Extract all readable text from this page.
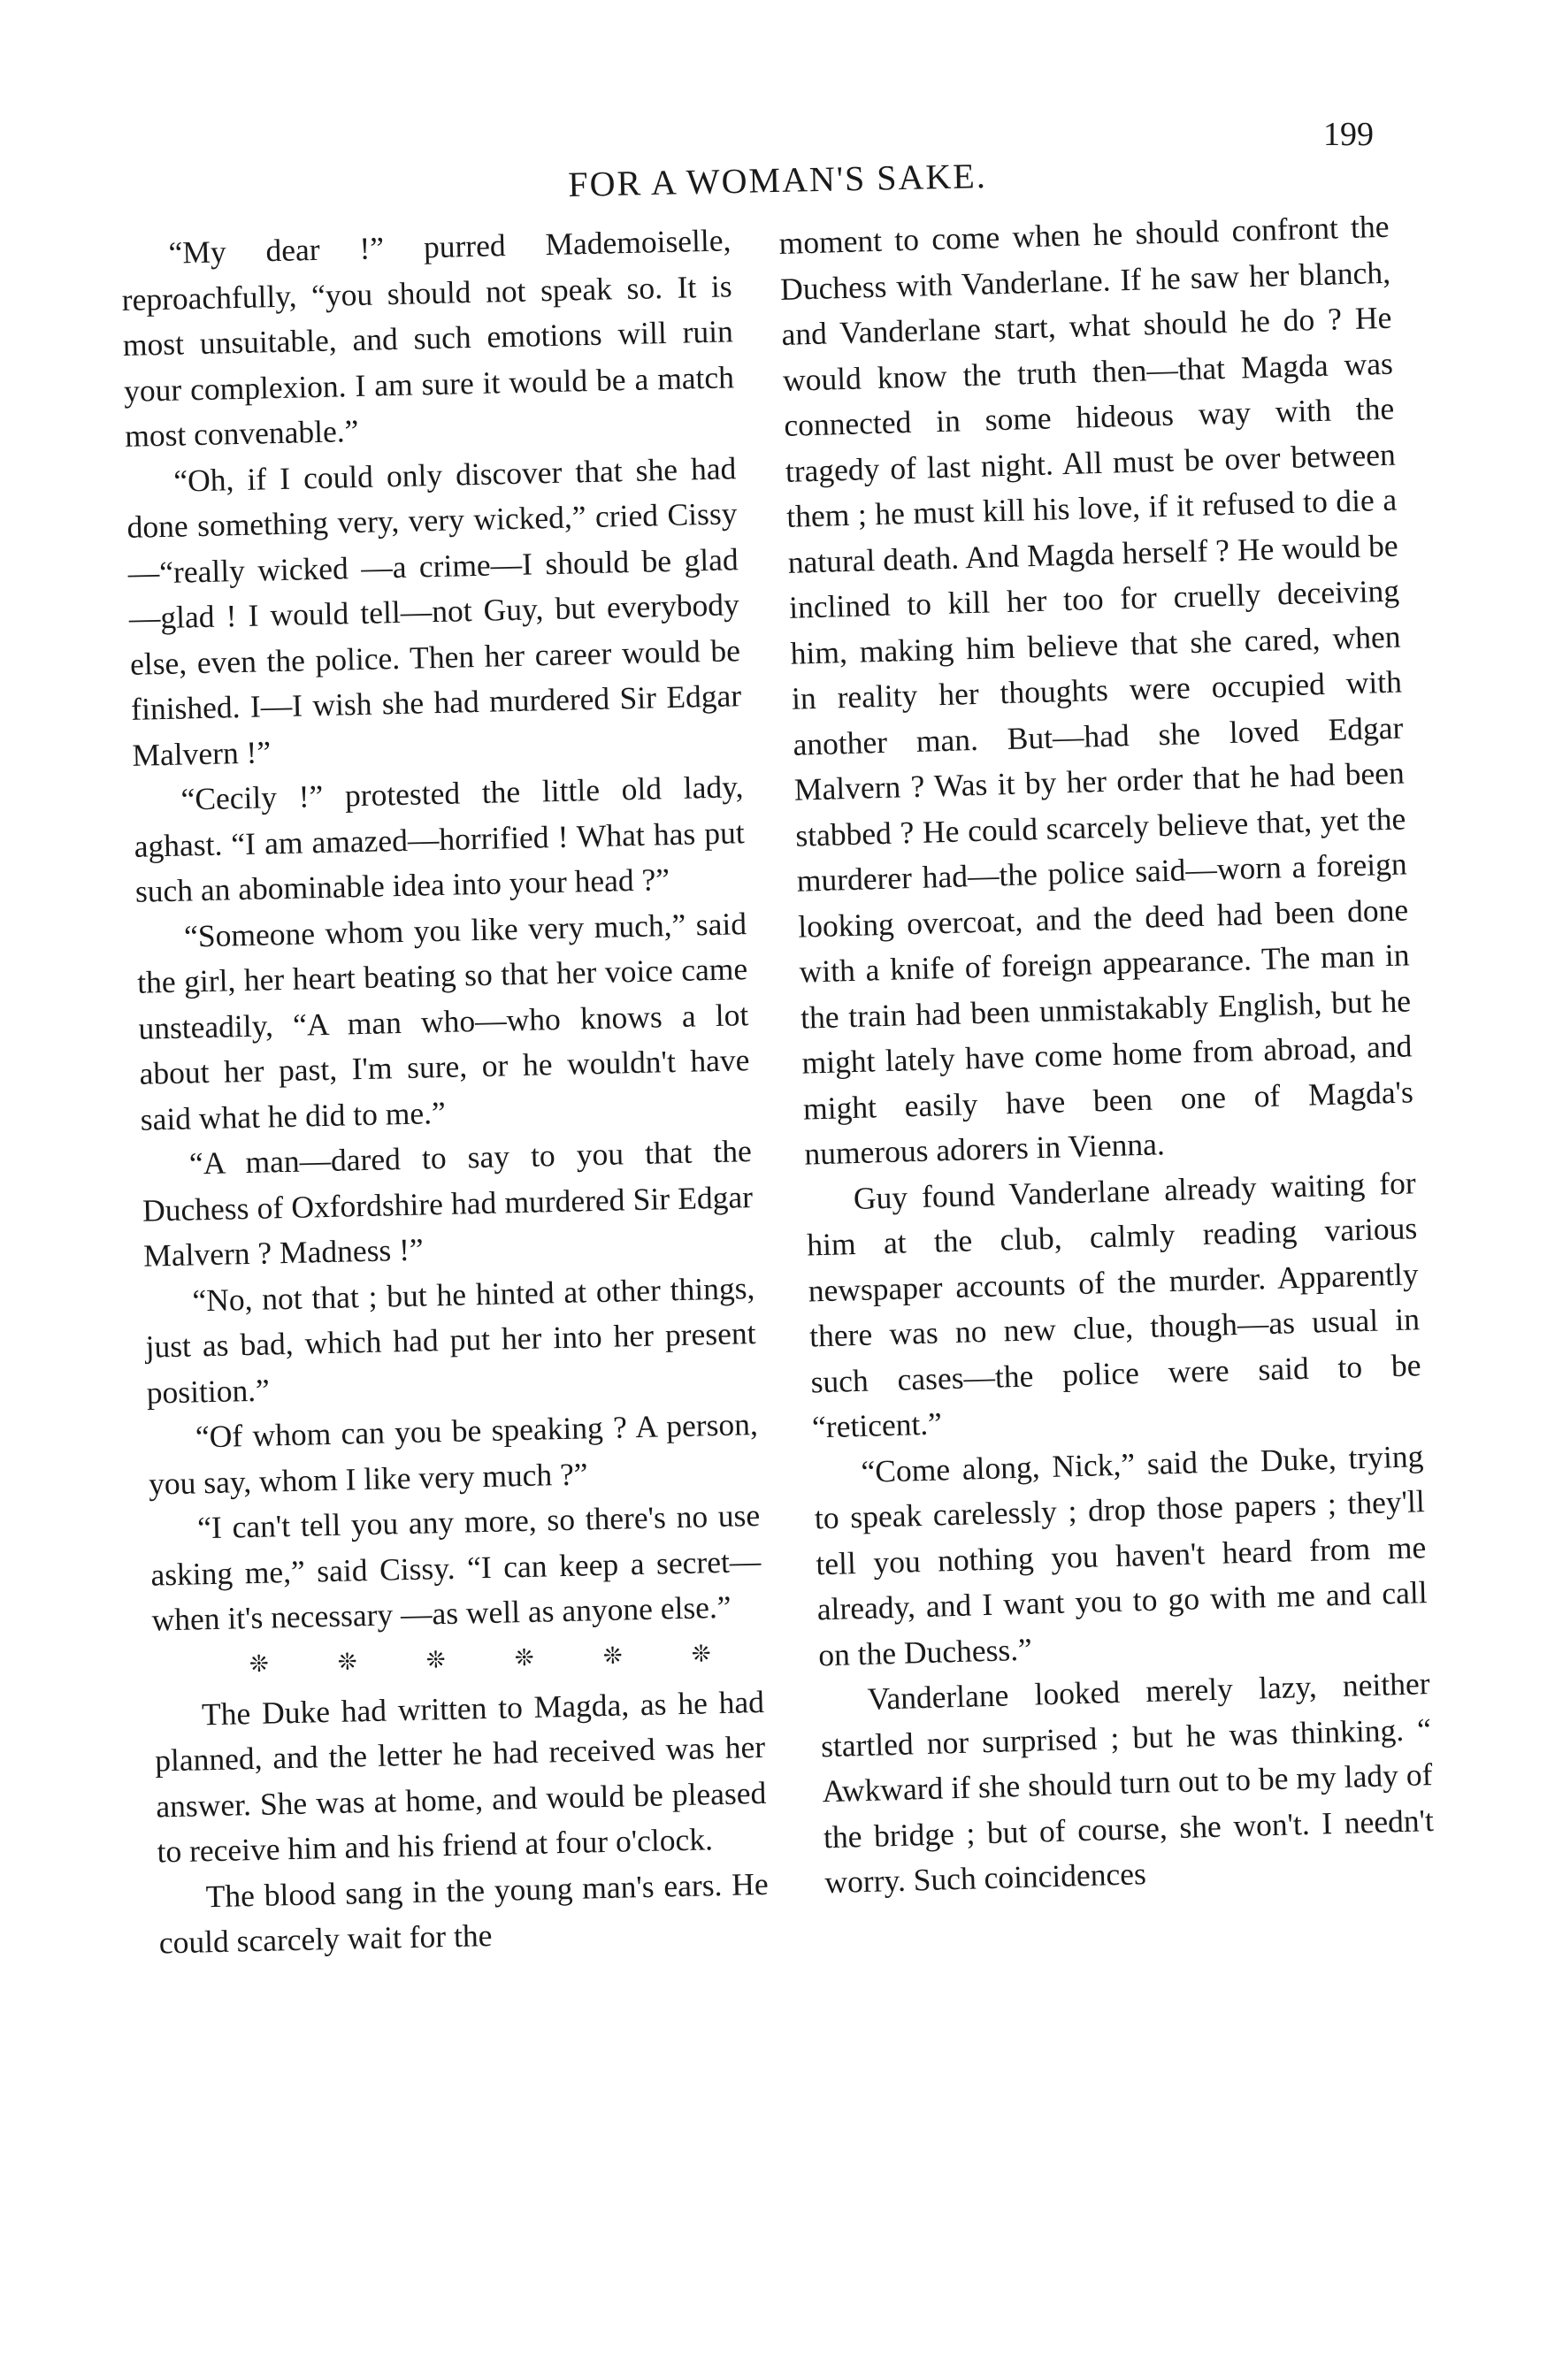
FOR A WOMAN'S SAKE.
199

“My dear !” purred Mademoiselle, reproachfully, “you should not speak so. It is most unsuitable, and such emotions will ruin your complexion. I am sure it would be a match most convenable.”

“Oh, if I could only discover that she had done something very, very wicked,” cried Cissy—“really wicked —a crime—I should be glad—glad ! I would tell—not Guy, but everybody else, even the police. Then her career would be finished. I—I wish she had murdered Sir Edgar Malvern !”

“Cecily !” protested the little old lady, aghast. “I am amazed—horrified ! What has put such an abominable idea into your head ?”

“Someone whom you like very much,” said the girl, her heart beating so that her voice came unsteadily, “A man who—who knows a lot about her past, I'm sure, or he wouldn't have said what he did to me.”

“A man—dared to say to you that the Duchess of Oxfordshire had murdered Sir Edgar Malvern ? Madness !”

“No, not that ; but he hinted at other things, just as bad, which had put her into her present position.”

“Of whom can you be speaking ? A person, you say, whom I like very much ?”

“I can't tell you any more, so there's no use asking me,” said Cissy. “I can keep a secret—when it's necessary —as well as anyone else.”

❊	❊	❊	❊	❊	❊

The Duke had written to Magda, as he had planned, and the letter he had received was her answer. She was at home, and would be pleased to receive him and his friend at four o'clock.

The blood sang in the young man's ears. He could scarcely wait for the

moment to come when he should confront the Duchess with Vanderlane. If he saw her blanch, and Vanderlane start, what should he do ? He would know the truth then—that Magda was connected in some hideous way with the tragedy of last night. All must be over between them ; he must kill his love, if it refused to die a natural death. And Magda herself ? He would be inclined to kill her too for cruelly deceiving him, making him believe that she cared, when in reality her thoughts were occupied with another man. But—had she loved Edgar Malvern ? Was it by her order that he had been stabbed ? He could scarcely believe that, yet the murderer had—the police said—worn a foreign looking overcoat, and the deed had been done with a knife of foreign appearance. The man in the train had been unmistakably English, but he might lately have come home from abroad, and might easily have been one of Magda's numerous adorers in Vienna.

Guy found Vanderlane already waiting for him at the club, calmly reading various newspaper accounts of the murder. Apparently there was no new clue, though—as usual in such cases—the police were said to be “reticent.”

“Come along, Nick,” said the Duke, trying to speak carelessly ; drop those papers ; they'll tell you nothing you haven't heard from me already, and I want you to go with me and call on the Duchess.”

Vanderlane looked merely lazy, neither startled nor surprised ; but he was thinking. “ Awkward if she should turn out to be my lady of the bridge ; but of course, she won't. I needn't worry. Such coincidences
